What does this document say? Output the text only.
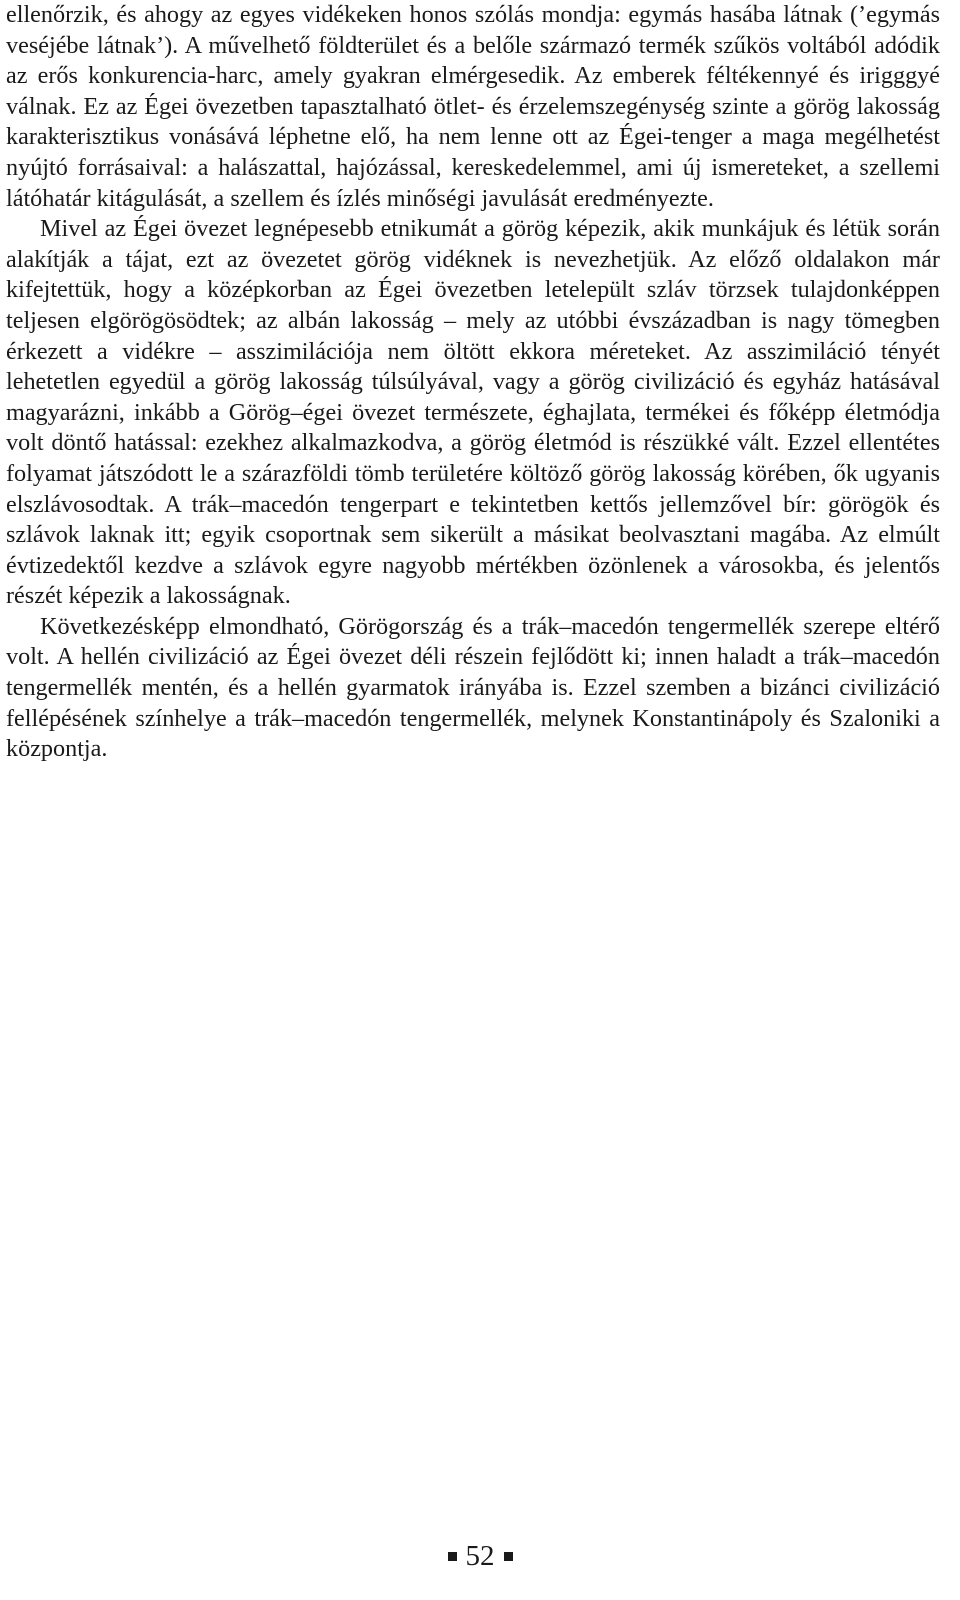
ellenőrzik, és ahogy az egyes vidékeken honos szólás mondja: egymás hasába látnak (’egymás veséjébe látnak’). A művelhető földterület és a belőle származó termék szűkös voltából adódik az erős konkurencia-harc, amely gyakran elmérgesedik. Az emberek féltékennyé és irigggyé válnak. Ez az Égei övezetben tapasztalható ötlet- és érzelemszegénység szinte a görög lakosság karakterisztikus vonásává léphetne elő, ha nem lenne ott az Égei-tenger a maga megélhetést nyújtó forrásaival: a halászattal, hajózással, kereskedelemmel, ami új ismereteket, a szellemi látóhatár kitágulását, a szellem és ízlés minőségi javulását eredményezte.

Mivel az Égei övezet legnépesebb etnikumát a görög képezik, akik munkájuk és létük során alakítják a tájat, ezt az övezetet görög vidéknek is nevezhetjük. Az előző oldalakon már kifejtettük, hogy a középkorban az Égei övezetben letelepült szláv törzsek tulajdonképpen teljesen elgörögösödtek; az albán lakosság – mely az utóbbi évszázadban is nagy tömegben érkezett a vidékre – asszimilációja nem öltött ekkora méreteket. Az asszimiláció tényét lehetetlen egyedül a görög lakosság túlsúlyával, vagy a görög civilizáció és egyház hatásával magyarázni, inkább a Görög–égei övezet természete, éghajlata, termékei és főképp életmódja volt döntő hatással: ezekhez alkalmazkodva, a görög életmód is részükké vált. Ezzel ellentétes folyamat játszódott le a szárazföldi tömb területére költöző görög lakosság körében, ők ugyanis elszlávosodtak. A trák–macedón tengerpart e tekintetben kettős jellemzővel bír: görögök és szlávok laknak itt; egyik csoportnak sem sikerült a másikat beolvasztani magába. Az elmúlt évtizedektől kezdve a szlávok egyre nagyobb mértékben özönlenek a városokba, és jelentős részét képezik a lakosságnak.

Következésképp elmondható, Görögország és a trák–macedón tengermellék szerepe eltérő volt. A hellén civilizáció az Égei övezet déli részein fejlődött ki; innen haladt a trák–macedón tengermellék mentén, és a hellén gyarmatok irányába is. Ezzel szemben a bizánci civilizáció fellépésének színhelye a trák–macedón tengermellék, melynek Konstantinápoly és Szaloniki a központja.

52
